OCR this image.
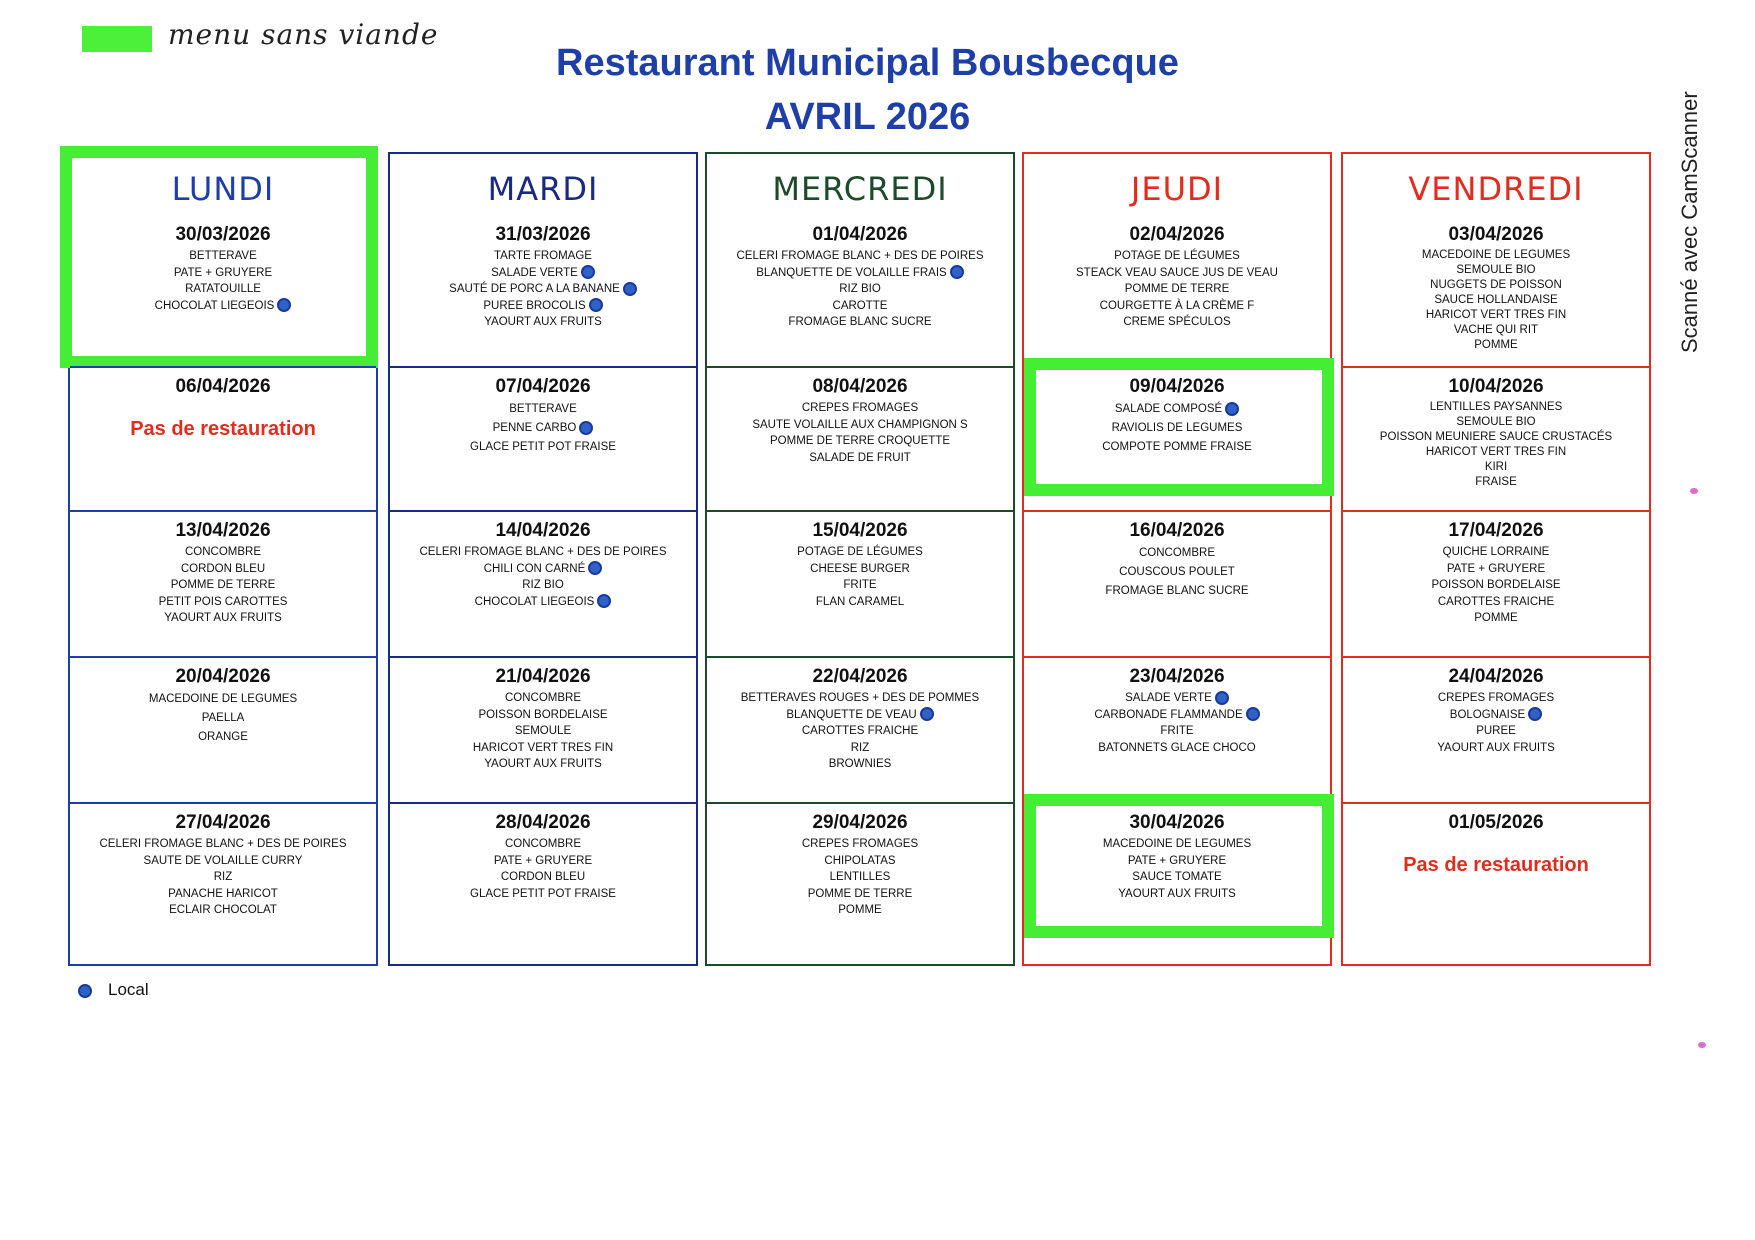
menu sans viande
Restaurant Municipal Bousbecque
AVRIL 2026	Scanné avec CamScanner
LUNDI
30/03/2026
BETTERAVE
PATE + GRUYERE
RATATOUILLE
CHOCOLAT LIEGEOIS
06/04/2026
Pas de restauration
13/04/2026
CONCOMBRE
CORDON BLEU
POMME DE TERRE
PETIT POIS CAROTTES
YAOURT AUX FRUITS
20/04/2026
MACEDOINE DE LEGUMES
PAELLA
ORANGE
27/04/2026
CELERI FROMAGE BLANC + DES DE POIRES
SAUTE DE VOLAILLE CURRY
RIZ
PANACHE HARICOT
ECLAIR CHOCOLAT
MARDI
31/03/2026
TARTE FROMAGE
SALADE VERTE
SAUTÉ DE PORC A LA BANANE
PUREE BROCOLIS
YAOURT AUX FRUITS
07/04/2026
BETTERAVE
PENNE CARBO
GLACE PETIT POT FRAISE
14/04/2026
CELERI FROMAGE BLANC + DES DE POIRES
CHILI CON CARNÉ
RIZ BIO
CHOCOLAT LIEGEOIS
21/04/2026
CONCOMBRE
POISSON BORDELAISE
SEMOULE
HARICOT VERT TRES FIN
YAOURT AUX FRUITS
28/04/2026
CONCOMBRE
PATE + GRUYERE
CORDON BLEU
GLACE PETIT POT FRAISE
MERCREDI
01/04/2026
CELERI FROMAGE BLANC + DES DE POIRES
BLANQUETTE DE VOLAILLE FRAIS
RIZ BIO
CAROTTE
FROMAGE BLANC SUCRE
08/04/2026
CREPES FROMAGES
SAUTE VOLAILLE AUX CHAMPIGNON S
POMME DE TERRE CROQUETTE
SALADE DE FRUIT
15/04/2026
POTAGE DE LÉGUMES
CHEESE BURGER
FRITE
FLAN CARAMEL
22/04/2026
BETTERAVES ROUGES + DES DE POMMES
BLANQUETTE DE VEAU
CAROTTES FRAICHE
RIZ
BROWNIES
29/04/2026
CREPES FROMAGES
CHIPOLATAS
LENTILLES
POMME DE TERRE
POMME
JEUDI
02/04/2026
POTAGE DE LÉGUMES
STEACK VEAU SAUCE JUS DE VEAU
POMME DE TERRE
COURGETTE À LA CRÈME F
CREME SPÉCULOS
09/04/2026
SALADE COMPOSÉ
RAVIOLIS DE LEGUMES
COMPOTE POMME FRAISE
16/04/2026
CONCOMBRE
COUSCOUS POULET
FROMAGE BLANC SUCRE
23/04/2026
SALADE VERTE
CARBONADE FLAMMANDE
FRITE
BATONNETS GLACE CHOCO
30/04/2026
MACEDOINE DE LEGUMES
PATE + GRUYERE
SAUCE TOMATE
YAOURT AUX FRUITS
VENDREDI
03/04/2026
MACEDOINE DE LEGUMES
SEMOULE BIO
NUGGETS DE POISSON
SAUCE HOLLANDAISE
HARICOT VERT TRES FIN
VACHE QUI RIT
POMME
10/04/2026
LENTILLES PAYSANNES
SEMOULE BIO
POISSON MEUNIERE SAUCE CRUSTACÉS
HARICOT VERT TRES FIN
KIRI
FRAISE
17/04/2026
QUICHE LORRAINE
PATE + GRUYERE
POISSON BORDELAISE
CAROTTES FRAICHE
POMME
24/04/2026
CREPES FROMAGES
BOLOGNAISE
PUREE
YAOURT AUX FRUITS
01/05/2026
Pas de restauration
Local
